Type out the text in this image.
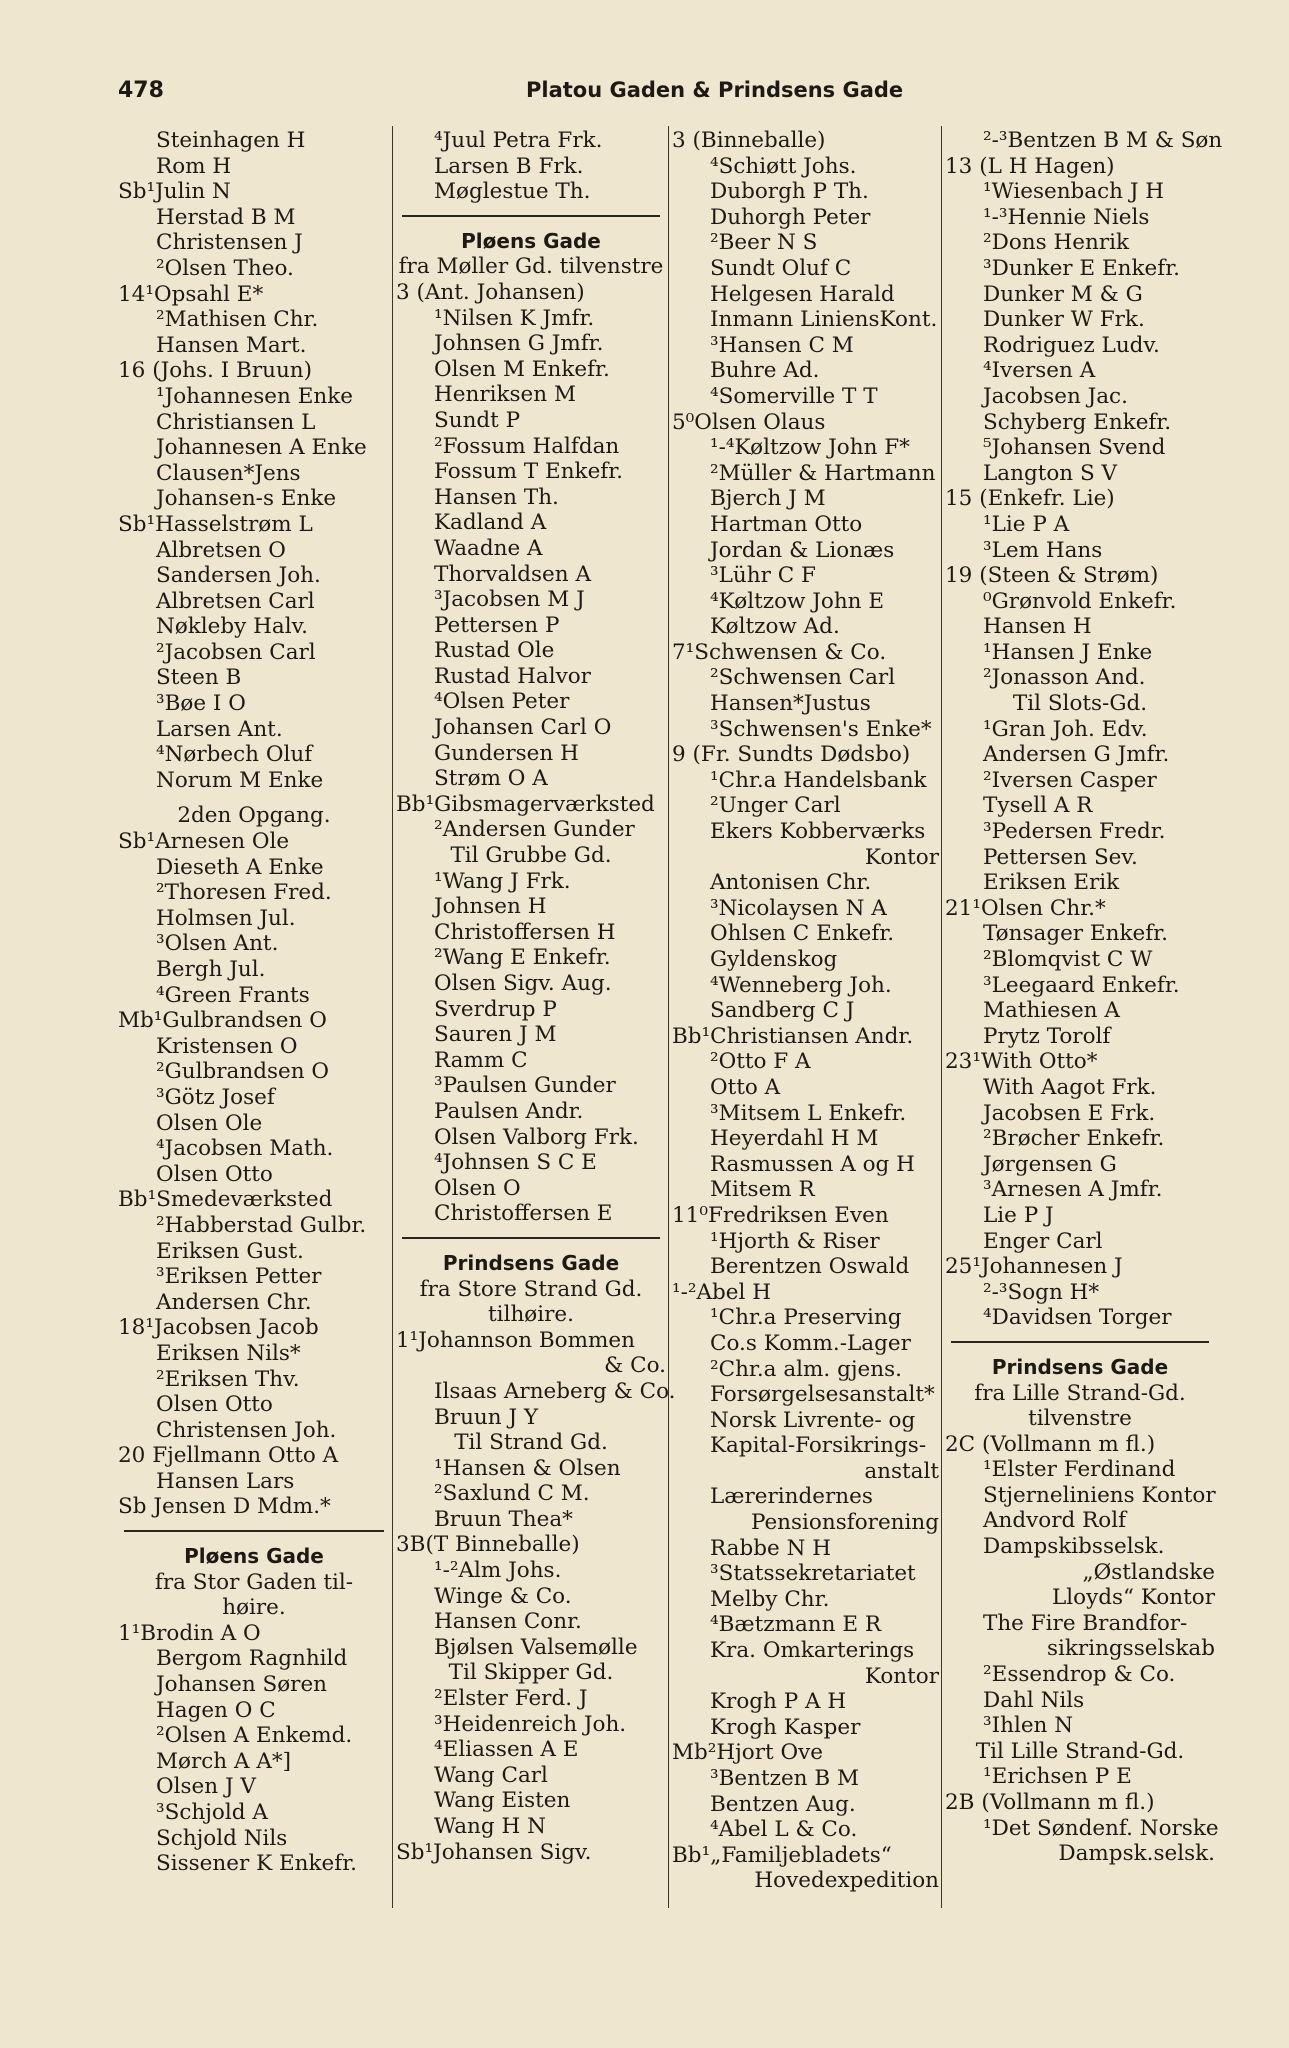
478	Platou Gaden & Prindsens Gade
Steinhagen H
Rom H
Sb¹Julin N
Herstad B M
Christensen J
²Olsen Theo.
14¹Opsahl E*
²Mathisen Chr.
Hansen Mart.
16 (Johs. I Bruun)
¹Johannesen Enke
Christiansen L
Johannesen A Enke
Clausen*Jens
Johansen-s Enke
Sb¹Hasselstrøm L
Albretsen O
Sandersen Joh.
Albretsen Carl
Nøkleby Halv.
²Jacobsen Carl
Steen B
³Bøe I O
Larsen Ant.
⁴Nørbech Oluf
Norum M Enke
2den Opgang.
Sb¹Arnesen Ole
Dieseth A Enke
²Thoresen Fred.
Holmsen Jul.
³Olsen Ant.
Bergh Jul.
⁴Green Frants
Mb¹Gulbrandsen O
Kristensen O
²Gulbrandsen O
³Götz Josef
Olsen Ole
⁴Jacobsen Math.
Olsen Otto
Bb¹Smedeværksted
²Habberstad Gulbr.
Eriksen Gust.
³Eriksen Petter
Andersen Chr.
18¹Jacobsen Jacob
Eriksen Nils*
²Eriksen Thv.
Olsen Otto
Christensen Joh.
20 Fjellmann Otto A
Hansen Lars
Sb Jensen D Mdm.*
Pløens Gade
fra Stor Gaden til-
høire.
1¹Brodin A O
Bergom Ragnhild
Johansen Søren
Hagen O C
²Olsen A Enkemd.
Mørch A A*]
Olsen J V
³Schjold A
Schjold Nils
Sissener K Enkefr.
⁴Juul Petra Frk.
Larsen B Frk.
Møglestue Th.
Pløens Gade
fra Møller Gd. tilvenstre
3 (Ant. Johansen)
¹Nilsen K Jmfr.
Johnsen G Jmfr.
Olsen M Enkefr.
Henriksen M
Sundt P
²Fossum Halfdan
Fossum T Enkefr.
Hansen Th.
Kadland A
Waadne A
Thorvaldsen A
³Jacobsen M J
Pettersen P
Rustad Ole
Rustad Halvor
⁴Olsen Peter
Johansen Carl O
Gundersen H
Strøm O A
Bb¹Gibsmagerværksted
²Andersen Gunder
Til Grubbe Gd.
¹Wang J Frk.
Johnsen H
Christoffersen H
²Wang E Enkefr.
Olsen Sigv. Aug.
Sverdrup P
Sauren J M
Ramm C
³Paulsen Gunder
Paulsen Andr.
Olsen Valborg Frk.
⁴Johnsen S C E
Olsen O
Christoffersen E
Prindsens Gade
fra Store Strand Gd.
tilhøire.
1¹Johannson Bommen
& Co.
Ilsaas Arneberg & Co.
Bruun J Y
Til Strand Gd.
¹Hansen & Olsen
²Saxlund C M.
Bruun Thea*
3B(T Binneballe)
¹-²Alm Johs.
Winge & Co.
Hansen Conr.
Bjølsen Valsemølle
Til Skipper Gd.
²Elster Ferd. J
³Heidenreich Joh.
⁴Eliassen A E
Wang Carl
Wang Eisten
Wang H N
Sb¹Johansen Sigv.
3 (Binneballe)
⁴Schiøtt Johs.
Duborgh P Th.
Duhorgh Peter
²Beer N S
Sundt Oluf C
Helgesen Harald
Inmann LiniensKont.
³Hansen C M
Buhre Ad.
⁴Somerville T T
5⁰Olsen Olaus
¹-⁴Køltzow John F*
²Müller & Hartmann
Bjerch J M
Hartman Otto
Jordan & Lionæs
³Lühr C F
⁴Køltzow John E
Køltzow Ad.
7¹Schwensen & Co.
²Schwensen Carl
Hansen*Justus
³Schwensen's Enke*
9 (Fr. Sundts Dødsbo)
¹Chr.a Handelsbank
²Unger Carl
Ekers Kobberværks
Kontor
Antonisen Chr.
³Nicolaysen N A
Ohlsen C Enkefr.
Gyldenskog
⁴Wenneberg Joh.
Sandberg C J
Bb¹Christiansen Andr.
²Otto F A
Otto A
³Mitsem L Enkefr.
Heyerdahl H M
Rasmussen A og H
Mitsem R
11⁰Fredriksen Even
¹Hjorth & Riser
Berentzen Oswald
¹-²Abel H
¹Chr.a Preserving
Co.s Komm.-Lager
²Chr.a alm. gjens.
Forsørgelsesanstalt*
Norsk Livrente- og
Kapital-Forsikrings-
anstalt
Lærerindernes
Pensionsforening
Rabbe N H
³Statssekretariatet
Melby Chr.
⁴Bætzmann E R
Kra. Omkarterings
Kontor
Krogh P A H
Krogh Kasper
Mb²Hjort Ove
³Bentzen B M
Bentzen Aug.
⁴Abel L & Co.
Bb¹„Familjebladets“
Hovedexpedition
²-³Bentzen B M & Søn
13 (L H Hagen)
¹Wiesenbach J H
¹-³Hennie Niels
²Dons Henrik
³Dunker E Enkefr.
Dunker M & G
Dunker W Frk.
Rodriguez Ludv.
⁴Iversen A
Jacobsen Jac.
Schyberg Enkefr.
⁵Johansen Svend
Langton S V
15 (Enkefr. Lie)
¹Lie P A
³Lem Hans
19 (Steen & Strøm)
⁰Grønvold Enkefr.
Hansen H
¹Hansen J Enke
²Jonasson And.
Til Slots-Gd.
¹Gran Joh. Edv.
Andersen G Jmfr.
²Iversen Casper
Tysell A R
³Pedersen Fredr.
Pettersen Sev.
Eriksen Erik
21¹Olsen Chr.*
Tønsager Enkefr.
²Blomqvist C W
³Leegaard Enkefr.
Mathiesen A
Prytz Torolf
23¹With Otto*
With Aagot Frk.
Jacobsen E Frk.
²Brøcher Enkefr.
Jørgensen G
³Arnesen A Jmfr.
Lie P J
Enger Carl
25¹Johannesen J
²-³Sogn H*
⁴Davidsen Torger
Prindsens Gade
fra Lille Strand-Gd.
tilvenstre
2C (Vollmann m fl.)
¹Elster Ferdinand
Stjerneliniens Kontor
Andvord Rolf
Dampskibsselsk.
„Østlandske
Lloyds“ Kontor
The Fire Brandfor-
sikringsselskab
²Essendrop & Co.
Dahl Nils
³Ihlen N
Til Lille Strand-Gd.
¹Erichsen P E
2B (Vollmann m fl.)
¹Det Søndenf. Norske
Dampsk.selsk.
